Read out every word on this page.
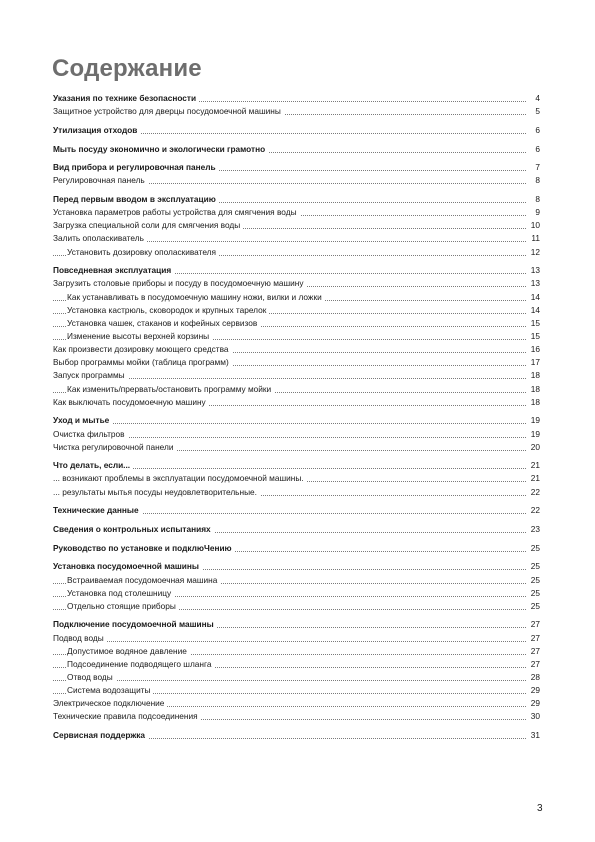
Содержание
Указания по технике безопасности	4
Защитное устройство для дверцы посудомоечной машины	5
Утилизация отходов	6
Мыть посуду экономично и экологически грамотно	6
Вид прибора и регулировочная панель	7
Регулировочная панель	8
Перед первым вводом в эксплуатацию	8
Установка параметров работы устройства для смягчения воды	9
Загрузка специальной соли для смягчения воды	10
Залить ополаскиватель	11
Установить дозировку ополаскивателя	12
Повседневная эксплуатация	13
Загрузить столовые приборы и посуду в посудомоечную машину	13
Как устанавливать в посудомоечную машину ножи, вилки и ложки	14
Установка кастрюль, сковородок и крупных тарелок	14
Установка чашек, стаканов и кофейных сервизов	15
Изменение высоты верхней корзины	15
Как произвести дозировку моющего средства	16
Выбор программы мойки (таблица программ)	17
Запуск программы	18
Как изменить/прервать/остановить программу мойки	18
Как выключать посудомоечную машину	18
Уход и мытье	19
Очистка фильтров	19
Чистка регулировочной панели	20
Что делать, если...	21
... возникают проблемы в эксплуатации посудомоечной машины.	21
... результаты мытья посуды неудовлетворительные.	22
Технические данные	22
Сведения о контрольных испытаниях	23
Руководство по установке и подклюЧению	25
Установка посудомоечной машины	25
Встраиваемая посудомоечная машина	25
Установка под столешницу	25
Отдельно стоящие приборы	25
Подключение посудомоечной машины	27
Подвод воды	27
Допустимое водяное давление	27
Подсоединение подводящего шланга	27
Отвод воды	28
Система водозащиты	29
Электрическое подключение	29
Технические правила подсоединения	30
Сервисная поддержка	31
3
